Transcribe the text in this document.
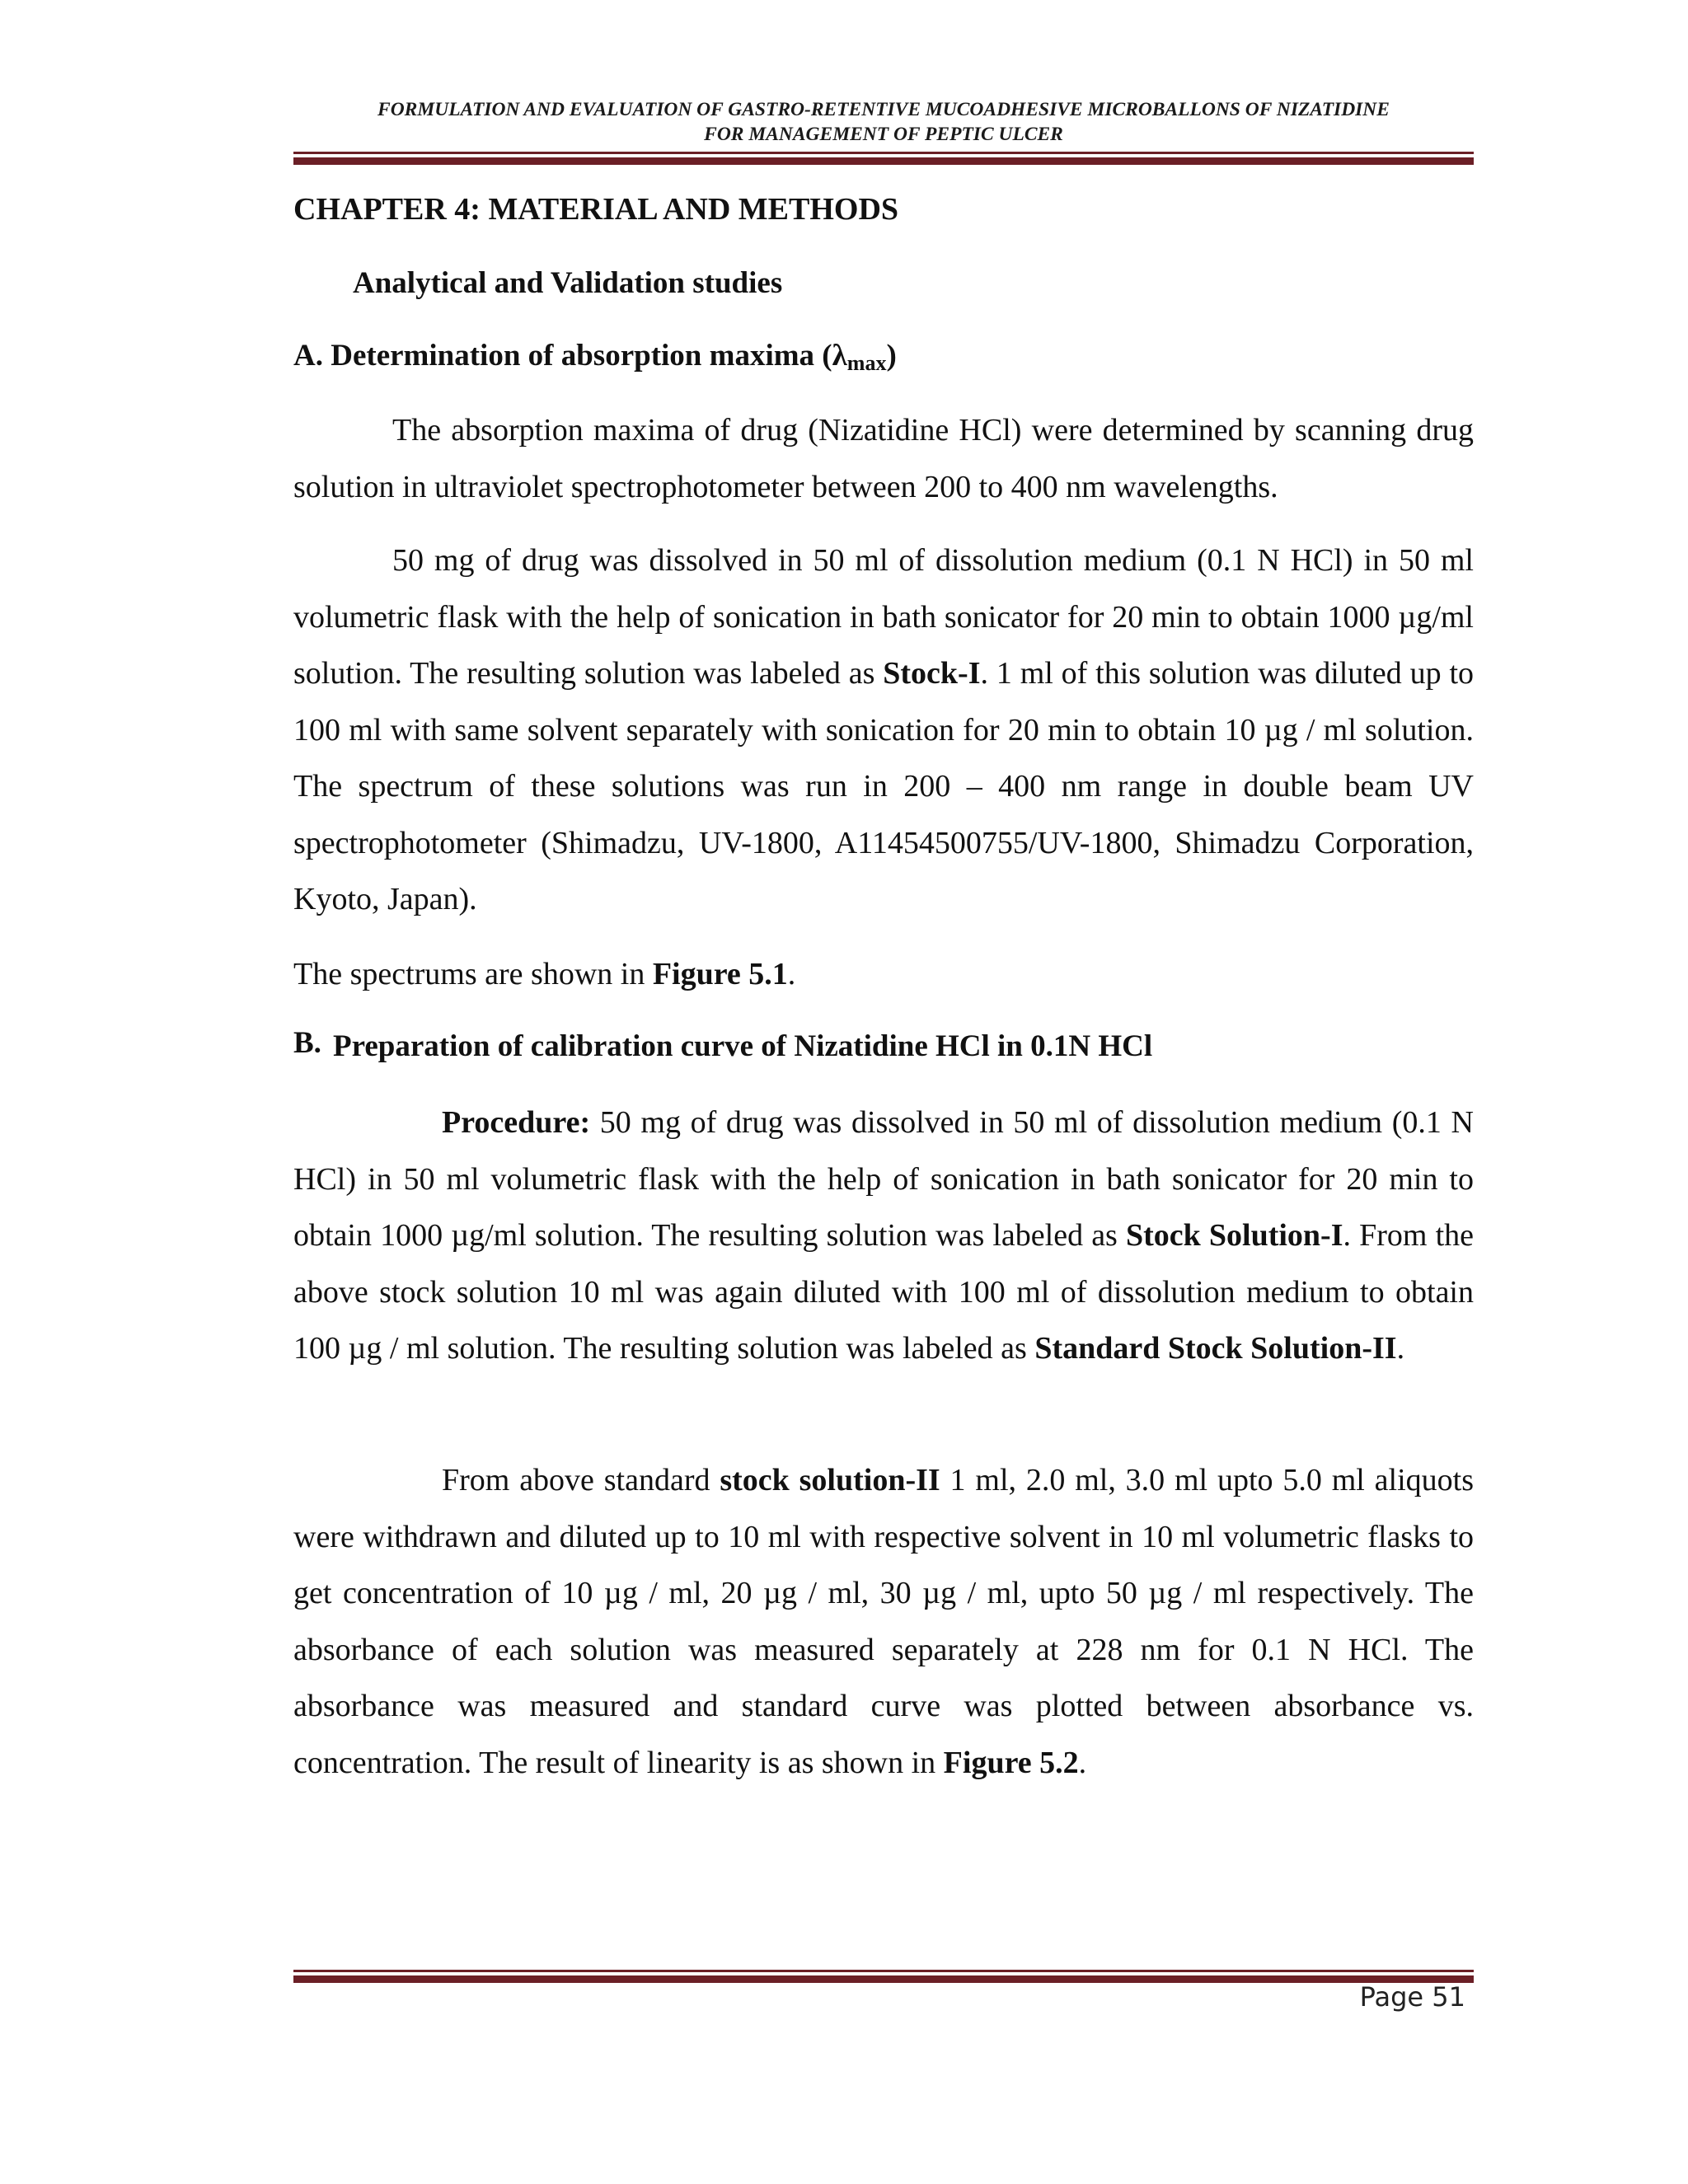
FORMULATION AND EVALUATION OF GASTRO-RETENTIVE MUCOADHESIVE MICROBALLONS OF NIZATIDINE
FOR MANAGEMENT OF PEPTIC ULCER
CHAPTER 4: MATERIAL AND METHODS
Analytical and Validation studies
A. Determination of absorption maxima $(\lambda_{max})$
The absorption maxima of drug (Nizatidine HCl) were determined by scanning drug solution in ultraviolet spectrophotometer between 200 to 400 nm wavelengths.
50 mg of drug was dissolved in 50 ml of dissolution medium (0.1 N HCl) in 50 ml volumetric flask with the help of sonication in bath sonicator for 20 min to obtain 1000 µg/ml solution. The resulting solution was labeled as Stock-I. 1 ml of this solution was diluted up to 100 ml with same solvent separately with sonication for 20 min to obtain 10 µg / ml solution. The spectrum of these solutions was run in 200 – 400 nm range in double beam UV spectrophotometer (Shimadzu, UV-1800, A11454500755/UV-1800, Shimadzu Corporation, Kyoto, Japan).
The spectrums are shown in Figure 5.1.
B. Preparation of calibration curve of Nizatidine HCl in 0.1N HCl
Procedure: 50 mg of drug was dissolved in 50 ml of dissolution medium (0.1 N HCl) in 50 ml volumetric flask with the help of sonication in bath sonicator for 20 min to obtain 1000 µg/ml solution. The resulting solution was labeled as Stock Solution-I. From the above stock solution 10 ml was again diluted with 100 ml of dissolution medium to obtain 100 µg / ml solution. The resulting solution was labeled as Standard Stock Solution-II.
From above standard stock solution-II 1 ml, 2.0 ml, 3.0 ml upto 5.0 ml aliquots were withdrawn and diluted up to 10 ml with respective solvent in 10 ml volumetric flasks to get concentration of 10 µg / ml, 20 µg / ml, 30 µg / ml, upto 50 µg / ml respectively. The absorbance of each solution was measured separately at 228 nm for 0.1 N HCl. The absorbance was measured and standard curve was plotted between absorbance vs. concentration. The result of linearity is as shown in Figure 5.2.
Page 51
